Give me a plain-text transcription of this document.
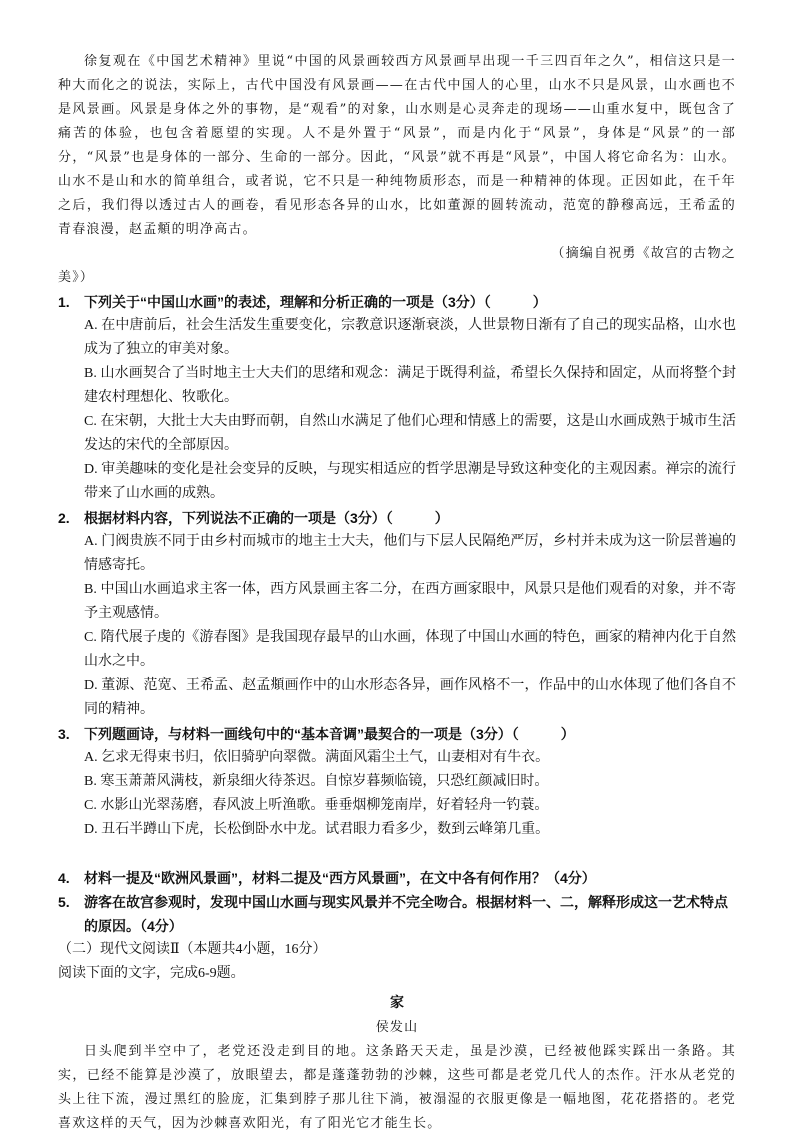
徐复观在《中国艺术精神》里说“中国的风景画较西方风景画早出现一千三四百年之久”，相信这只是一种大而化之的说法，实际上，古代中国没有风景画——在古代中国人的心里，山水不只是风景，山水画也不是风景画。风景是身体之外的事物，是“观看”的对象，山水则是心灵奔走的现场——山重水复中，既包含了痛苦的体验，也包含着愿望的实现。人不是外置于“风景”，而是内化于“风景”，身体是“风景”的一部分，“风景”也是身体的一部分、生命的一部分。因此，“风景”就不再是“风景”，中国人将它命名为：山水。山水不是山和水的简单组合，或者说，它不只是一种纯物质形态，而是一种精神的体现。正因如此，在千年之后，我们得以透过古人的画卷，看见形态各异的山水，比如董源的圆转流动，范宽的静穆高远，王希孟的青春浪漫，赵孟頫的明净高古。

（摘编自祝勇《故宫的古物之

美》）

1.	下列关于“中国山水画”的表述，理解和分析正确的一项是（3分）（　　　）

A. 在中唐前后，社会生活发生重要变化，宗教意识逐渐衰淡，人世景物日渐有了自己的现实品格，山水也成为了独立的审美对象。

B. 山水画契合了当时地主士大夫们的思绪和观念：满足于既得利益，希望长久保持和固定，从而将整个封建农村理想化、牧歌化。

C. 在宋朝，大批士大夫由野而朝，自然山水满足了他们心理和情感上的需要，这是山水画成熟于城市生活发达的宋代的全部原因。

D. 审美趣味的变化是社会变异的反映，与现实相适应的哲学思潮是导致这种变化的主观因素。禅宗的流行带来了山水画的成熟。

2.	根据材料内容，下列说法不正确的一项是（3分）（　　　）

A. 门阀贵族不同于由乡村而城市的地主士大夫，他们与下层人民隔绝严厉，乡村并未成为这一阶层普遍的情感寄托。

B. 中国山水画追求主客一体，西方风景画主客二分，在西方画家眼中，风景只是他们观看的对象，并不寄予主观感情。

C. 隋代展子虔的《游春图》是我国现存最早的山水画，体现了中国山水画的特色，画家的精神内化于自然山水之中。

D. 董源、范宽、王希孟、赵孟頫画作中的山水形态各异，画作风格不一，作品中的山水体现了他们各自不同的精神。

3.	下列题画诗，与材料一画线句中的“基本音调”最契合的一项是（3分）（　　　）

A. 乞求无得束书归，依旧骑驴向翠微。满面风霜尘土气，山妻相对有牛衣。

B. 寒玉萧萧风满枝，新泉细火待茶迟。自惊岁暮频临镜，只恐红颜减旧时。

C. 水影山光翠荡磨，春风波上听渔歌。垂垂烟柳笼南岸，好着轻舟一钓蓑。

D. 丑石半蹲山下虎，长松倒卧水中龙。试君眼力看多少，数到云峰第几重。

4.	材料一提及“欧洲风景画”，材料二提及“西方风景画”，在文中各有何作用？（4分）
5.	游客在故宫参观时，发现中国山水画与现实风景并不完全吻合。根据材料一、二，解释形成这一艺术特点的原因。（4分）

（二）现代文阅读Ⅱ（本题共4小题，16分）

阅读下面的文字，完成6-9题。

家

侯发山

日头爬到半空中了，老党还没走到目的地。这条路天天走，虽是沙漠，已经被他踩实踩出一条路。其实，已经不能算是沙漠了，放眼望去，都是蓬蓬勃勃的沙棘，这些可都是老党几代人的杰作。汗水从老党的头上往下流，漫过黑红的脸庞，汇集到脖子那儿往下淌，被溻湿的衣服更像是一幅地图，花花搭搭的。老党喜欢这样的天气，因为沙棘喜欢阳光，有了阳光它才能生长。
